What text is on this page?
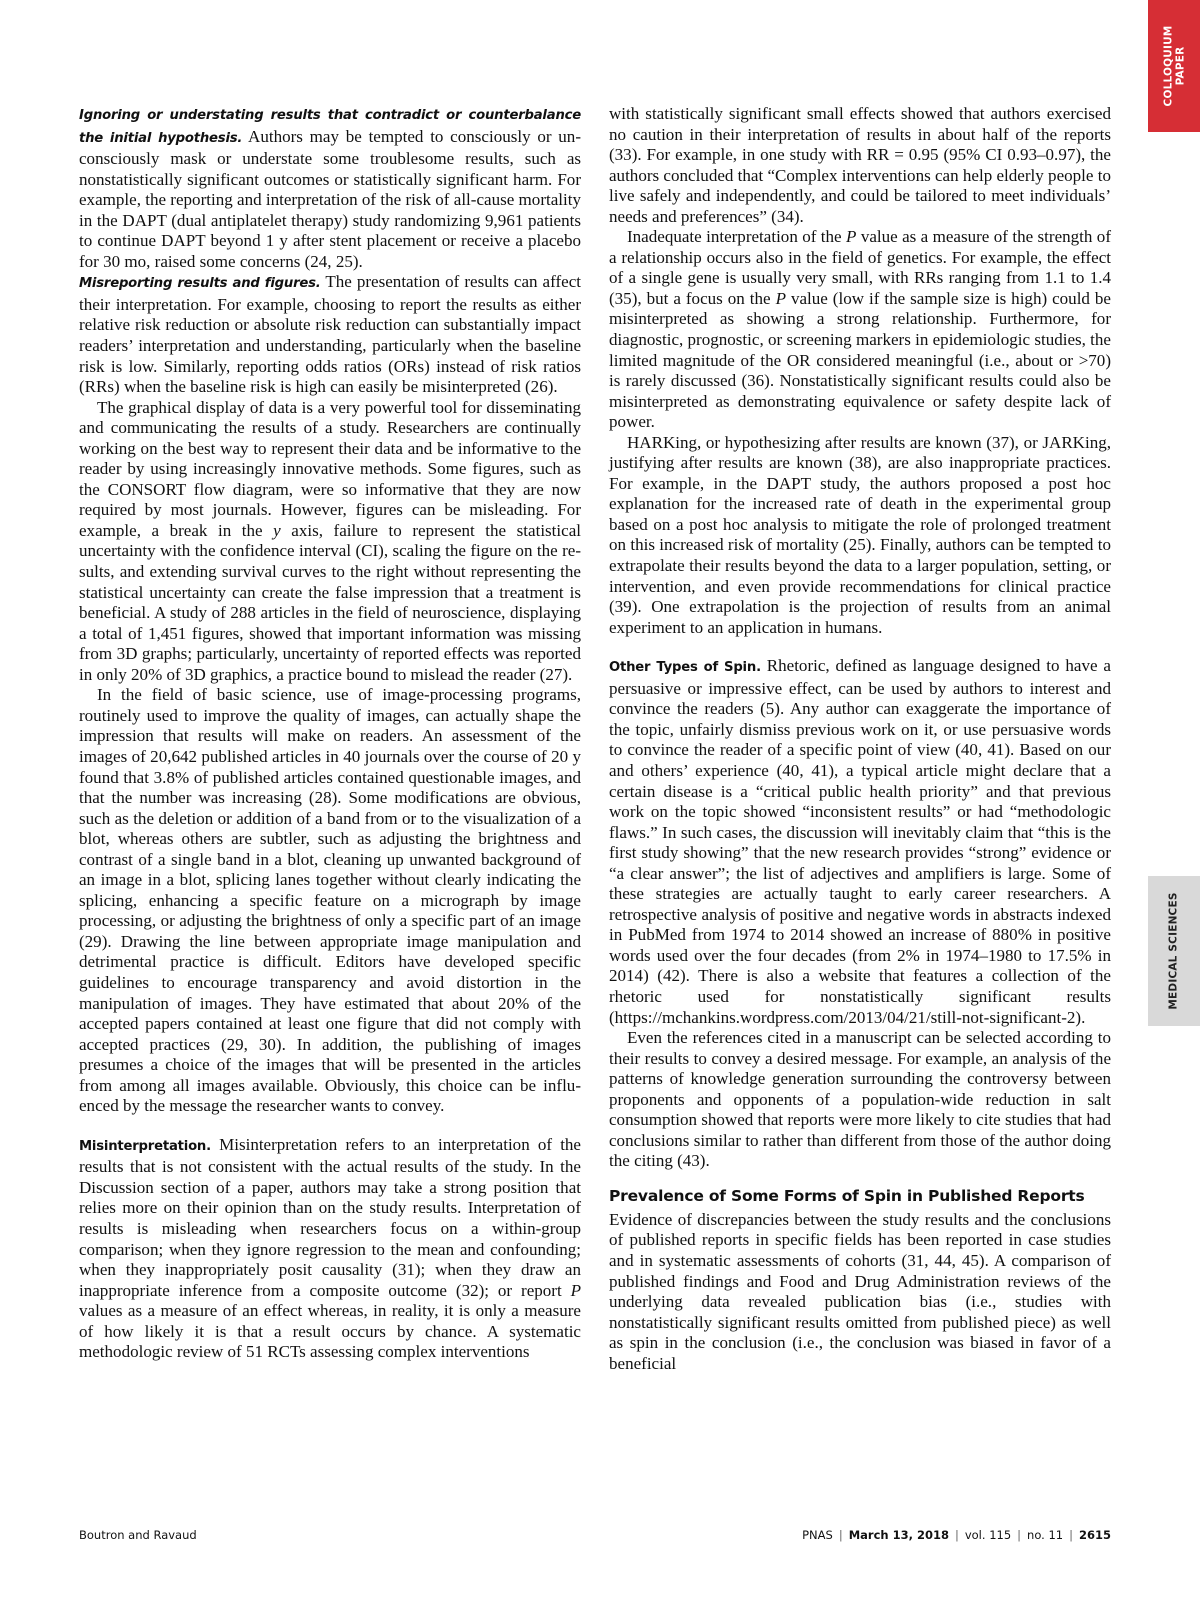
COLLOQUIUM PAPER
MEDICAL SCIENCES

Ignoring or understating results that contradict or counterbalance the initial hypothesis. Authors may be tempted to consciously or unconsciously mask or understate some troublesome results, such as nonstatistically significant outcomes or statistically significant harm. For example, the reporting and interpretation of the risk of all-cause mortality in the DAPT (dual antiplatelet therapy) study randomizing 9,961 patients to continue DAPT beyond 1 y after stent placement or receive a placebo for 30 mo, raised some concerns (24, 25).

Misreporting results and figures. The presentation of results can affect their interpretation. For example, choosing to report the results as either relative risk reduction or absolute risk reduction can substantially impact readers’ interpretation and understanding, particularly when the baseline risk is low. Similarly, reporting odds ratios (ORs) instead of risk ratios (RRs) when the baseline risk is high can easily be misinterpreted (26).

The graphical display of data is a very powerful tool for disseminating and communicating the results of a study. Researchers are continually working on the best way to represent their data and be informative to the reader by using increasingly innovative methods. Some figures, such as the CONSORT flow diagram, were so informative that they are now required by most journals. However, figures can be misleading. For example, a break in the y axis, failure to represent the statistical uncertainty with the confidence interval (CI), scaling the figure on the results, and extending survival curves to the right without representing the statistical uncertainty can create the false impression that a treatment is beneficial. A study of 288 articles in the field of neuroscience, displaying a total of 1,451 figures, showed that important information was missing from 3D graphs; particularly, uncertainty of reported effects was reported in only 20% of 3D graphics, a practice bound to mislead the reader (27).

In the field of basic science, use of image-processing programs, routinely used to improve the quality of images, can actually shape the impression that results will make on readers. An assessment of the images of 20,642 published articles in 40 journals over the course of 20 y found that 3.8% of published articles contained questionable images, and that the number was increasing (28). Some modifications are obvious, such as the deletion or addition of a band from or to the visualization of a blot, whereas others are subtler, such as adjusting the brightness and contrast of a single band in a blot, cleaning up unwanted background of an image in a blot, splicing lanes together without clearly indicating the splicing, enhancing a specific feature on a micrograph by image processing, or adjusting the brightness of only a specific part of an image (29). Drawing the line between appropriate image manipulation and detrimental practice is difficult. Editors have developed specific guidelines to encourage transparency and avoid distortion in the manipulation of images. They have estimated that about 20% of the accepted papers contained at least one figure that did not comply with accepted practices (29, 30). In addition, the publishing of images presumes a choice of the images that will be presented in the articles from among all images available. Obviously, this choice can be influenced by the message the researcher wants to convey.

Misinterpretation. Misinterpretation refers to an interpretation of the results that is not consistent with the actual results of the study. In the Discussion section of a paper, authors may take a strong position that relies more on their opinion than on the study results. Interpretation of results is misleading when researchers focus on a within-group comparison; when they ignore regression to the mean and confounding; when they inappropriately posit causality (31); when they draw an inappropriate inference from a composite outcome (32); or report P values as a measure of an effect whereas, in reality, it is only a measure of how likely it is that a result occurs by chance. A systematic methodologic review of 51 RCTs assessing complex interventions

with statistically significant small effects showed that authors exercised no caution in their interpretation of results in about half of the reports (33). For example, in one study with RR = 0.95 (95% CI 0.93–0.97), the authors concluded that “Complex interventions can help elderly people to live safely and independently, and could be tailored to meet individuals’ needs and preferences” (34).

Inadequate interpretation of the P value as a measure of the strength of a relationship occurs also in the field of genetics. For example, the effect of a single gene is usually very small, with RRs ranging from 1.1 to 1.4 (35), but a focus on the P value (low if the sample size is high) could be misinterpreted as showing a strong relationship. Furthermore, for diagnostic, prognostic, or screening markers in epidemiologic studies, the limited magnitude of the OR considered meaningful (i.e., about or >70) is rarely discussed (36). Nonstatistically significant results could also be misinterpreted as demonstrating equivalence or safety despite lack of power.

HARKing, or hypothesizing after results are known (37), or JARKing, justifying after results are known (38), are also inappropriate practices. For example, in the DAPT study, the authors proposed a post hoc explanation for the increased rate of death in the experimental group based on a post hoc analysis to mitigate the role of prolonged treatment on this increased risk of mortality (25). Finally, authors can be tempted to extrapolate their results beyond the data to a larger population, setting, or intervention, and even provide recommendations for clinical practice (39). One extrapolation is the projection of results from an animal experiment to an application in humans.

Other Types of Spin. Rhetoric, defined as language designed to have a persuasive or impressive effect, can be used by authors to interest and convince the readers (5). Any author can exaggerate the importance of the topic, unfairly dismiss previous work on it, or use persuasive words to convince the reader of a specific point of view (40, 41). Based on our and others’ experience (40, 41), a typical article might declare that a certain disease is a “critical public health priority” and that previous work on the topic showed “inconsistent results” or had “methodologic flaws.” In such cases, the discussion will inevitably claim that “this is the first study showing” that the new research provides “strong” evidence or “a clear answer”; the list of adjectives and amplifiers is large. Some of these strategies are actually taught to early career researchers. A retrospective analysis of positive and negative words in abstracts indexed in PubMed from 1974 to 2014 showed an increase of 880% in positive words used over the four decades (from 2% in 1974–1980 to 17.5% in 2014) (42). There is also a website that features a collection of the rhetoric used for nonstatistically significant results (https://mchankins.wordpress.com/2013/04/21/still-not-significant-2).

Even the references cited in a manuscript can be selected according to their results to convey a desired message. For example, an analysis of the patterns of knowledge generation surrounding the controversy between proponents and opponents of a population-wide reduction in salt consumption showed that reports were more likely to cite studies that had conclusions similar to rather than different from those of the author doing the citing (43).

Prevalence of Some Forms of Spin in Published Reports

Evidence of discrepancies between the study results and the conclusions of published reports in specific fields has been reported in case studies and in systematic assessments of cohorts (31, 44, 45). A comparison of published findings and Food and Drug Administration reviews of the underlying data revealed publication bias (i.e., studies with nonstatistically significant results omitted from published piece) as well as spin in the conclusion (i.e., the conclusion was biased in favor of a beneficial

Boutron and Ravaud	PNAS | March 13, 2018 | vol. 115 | no. 11 | 2615
